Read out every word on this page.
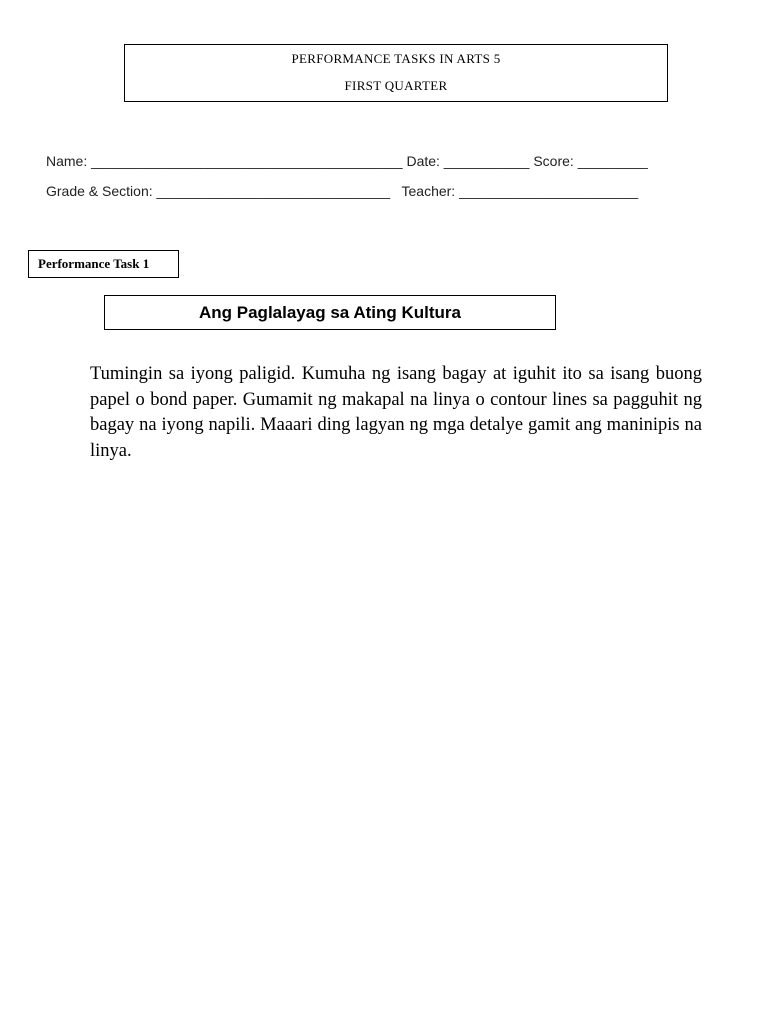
PERFORMANCE TASKS IN ARTS 5
FIRST QUARTER
Name: ________________________________________ Date: ___________ Score: _________
Grade & Section: ______________________________   Teacher: _______________________
Performance Task 1
Ang Paglalayag sa Ating Kultura

Tumingin sa iyong paligid. Kumuha ng isang bagay at iguhit ito sa isang buong papel o bond paper. Gumamit ng makapal na linya o contour lines sa pagguhit ng bagay na iyong napili. Maaari ding lagyan ng mga detalye gamit ang maninipis na linya.
